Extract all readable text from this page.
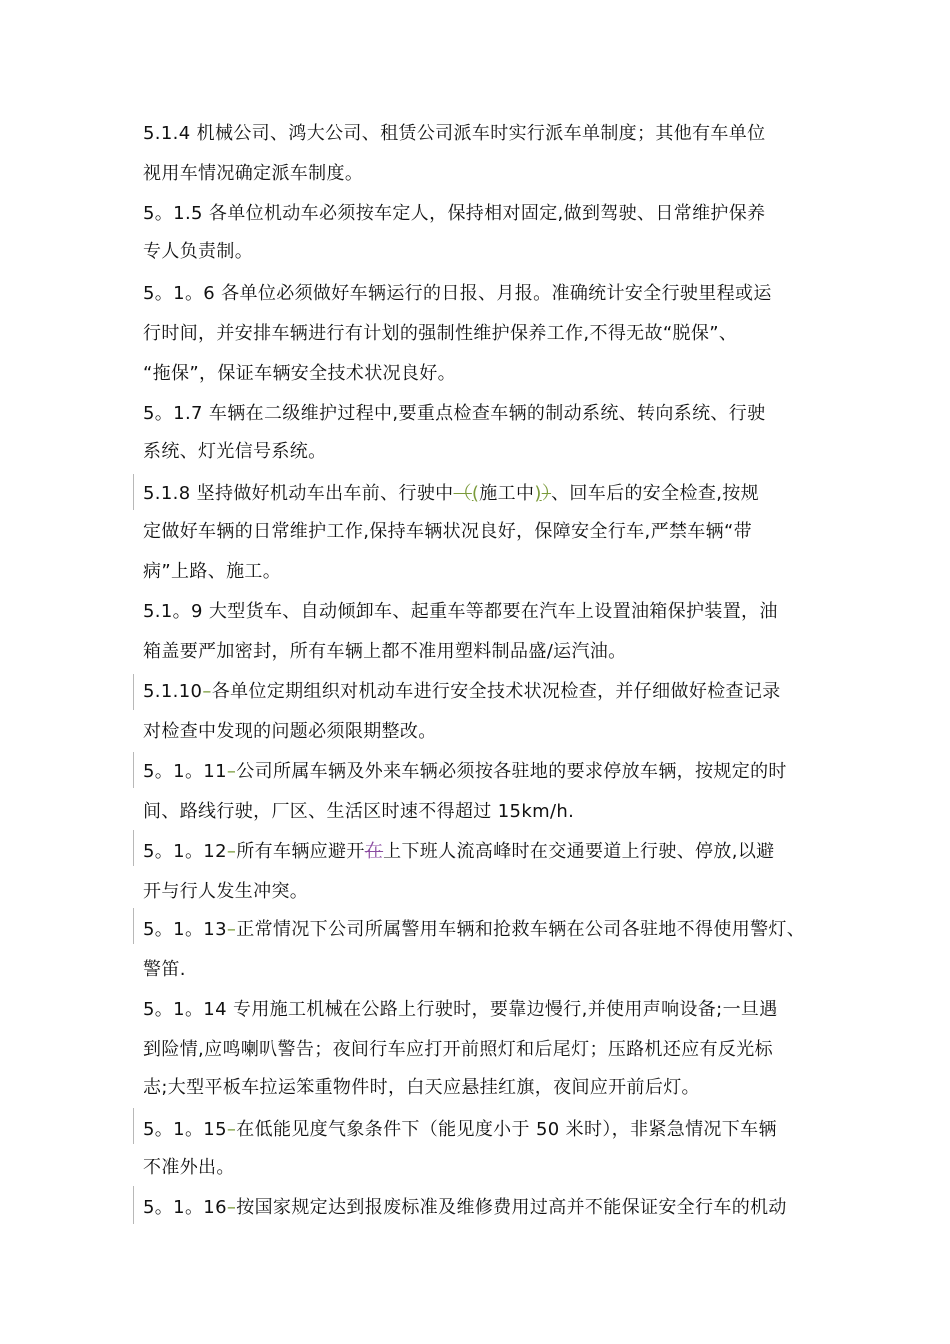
5.1.4 机械公司、鸿大公司、租赁公司派车时实行派车单制度；其他有车单位
视用车情况确定派车制度。
5。1.5 各单位机动车必须按车定人，保持相对固定,做到驾驶、日常维护保养
专人负责制。
5。1。6 各单位必须做好车辆运行的日报、月报。准确统计安全行驶里程或运
行时间，并安排车辆进行有计划的强制性维护保养工作,不得无故“脱保”、
“拖保”，保证车辆安全技术状况良好。
5。1.7 车辆在二级维护过程中,要重点检查车辆的制动系统、转向系统、行驶
系统、灯光信号系统。
5.1.8 坚持做好机动车出车前、行驶中（(施工中)）、回车后的安全检查,按规
定做好车辆的日常维护工作,保持车辆状况良好，保障安全行车,严禁车辆“带
病”上路、施工。
5.1。9 大型货车、自动倾卸车、起重车等都要在汽车上设置油箱保护装置，油
箱盖要严加密封，所有车辆上都不准用塑料制品盛/运汽油。
5.1.10–各单位定期组织对机动车进行安全技术状况检查，并仔细做好检查记录
对检查中发现的问题必须限期整改。
5。1。11–公司所属车辆及外来车辆必须按各驻地的要求停放车辆，按规定的时
间、路线行驶，厂区、生活区时速不得超过 15km/h.
5。1。12–所有车辆应避开在上下班人流高峰时在交通要道上行驶、停放,以避
开与行人发生冲突。
5。1。13–正常情况下公司所属警用车辆和抢救车辆在公司各驻地不得使用警灯、
警笛.
5。1。14 专用施工机械在公路上行驶时，要靠边慢行,并使用声响设备;一旦遇
到险情,应鸣喇叭警告；夜间行车应打开前照灯和后尾灯；压路机还应有反光标
志;大型平板车拉运笨重物件时，白天应悬挂红旗，夜间应开前后灯。
5。1。15–在低能见度气象条件下（能见度小于 50 米时），非紧急情况下车辆
不准外出。
5。1。16–按国家规定达到报废标准及维修费用过高并不能保证安全行车的机动
